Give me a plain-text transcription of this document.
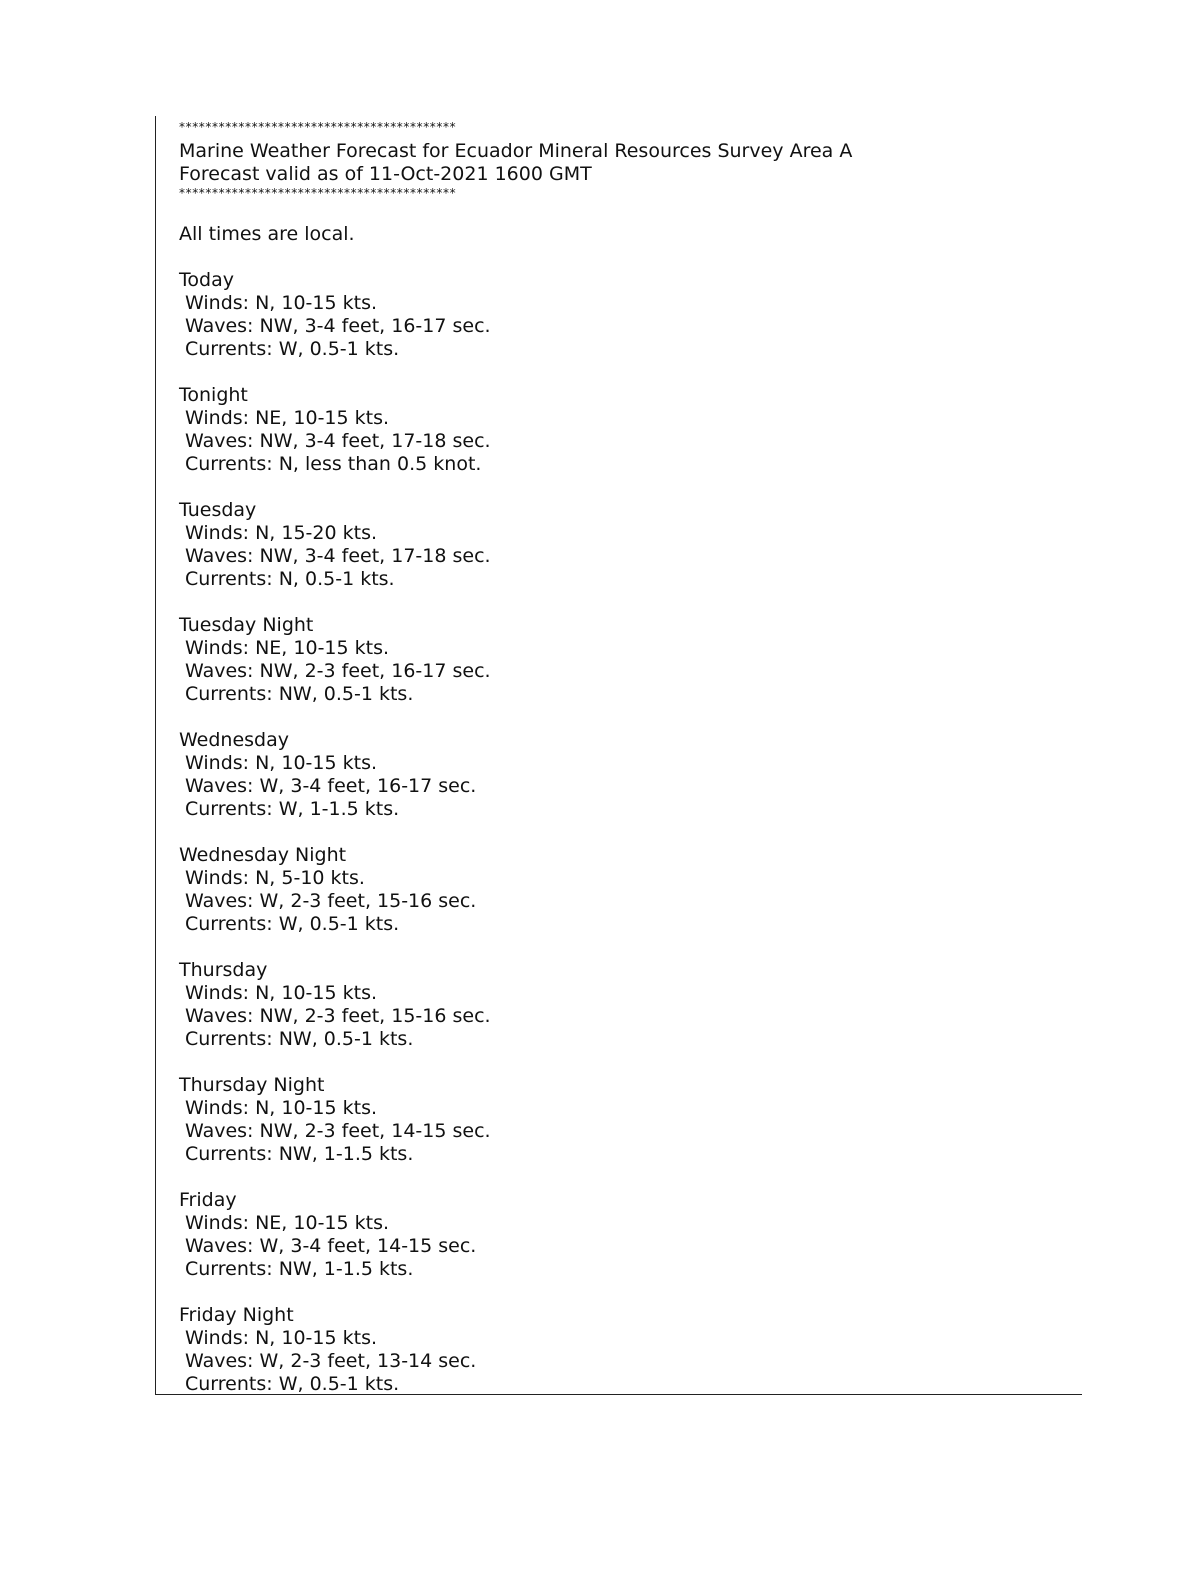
******************************************

Marine Weather Forecast for Ecuador Mineral Resources Survey Area A

Forecast valid as of 11-Oct-2021 1600 GMT

******************************************

All times are local.

Today

Winds: N, 10-15 kts.

Waves: NW, 3-4 feet, 16-17 sec.

Currents: W, 0.5-1 kts.

Tonight

Winds: NE, 10-15 kts.

Waves: NW, 3-4 feet, 17-18 sec.

Currents: N, less than 0.5 knot.

Tuesday

Winds: N, 15-20 kts.

Waves: NW, 3-4 feet, 17-18 sec.

Currents: N, 0.5-1 kts.

Tuesday Night

Winds: NE, 10-15 kts.

Waves: NW, 2-3 feet, 16-17 sec.

Currents: NW, 0.5-1 kts.

Wednesday

Winds: N, 10-15 kts.

Waves: W, 3-4 feet, 16-17 sec.

Currents: W, 1-1.5 kts.

Wednesday Night

Winds: N, 5-10 kts.

Waves: W, 2-3 feet, 15-16 sec.

Currents: W, 0.5-1 kts.

Thursday

Winds: N, 10-15 kts.

Waves: NW, 2-3 feet, 15-16 sec.

Currents: NW, 0.5-1 kts.

Thursday Night

Winds: N, 10-15 kts.

Waves: NW, 2-3 feet, 14-15 sec.

Currents: NW, 1-1.5 kts.

Friday

Winds: NE, 10-15 kts.

Waves: W, 3-4 feet, 14-15 sec.

Currents: NW, 1-1.5 kts.

Friday Night

Winds: N, 10-15 kts.

Waves: W, 2-3 feet, 13-14 sec.

Currents: W, 0.5-1 kts.
